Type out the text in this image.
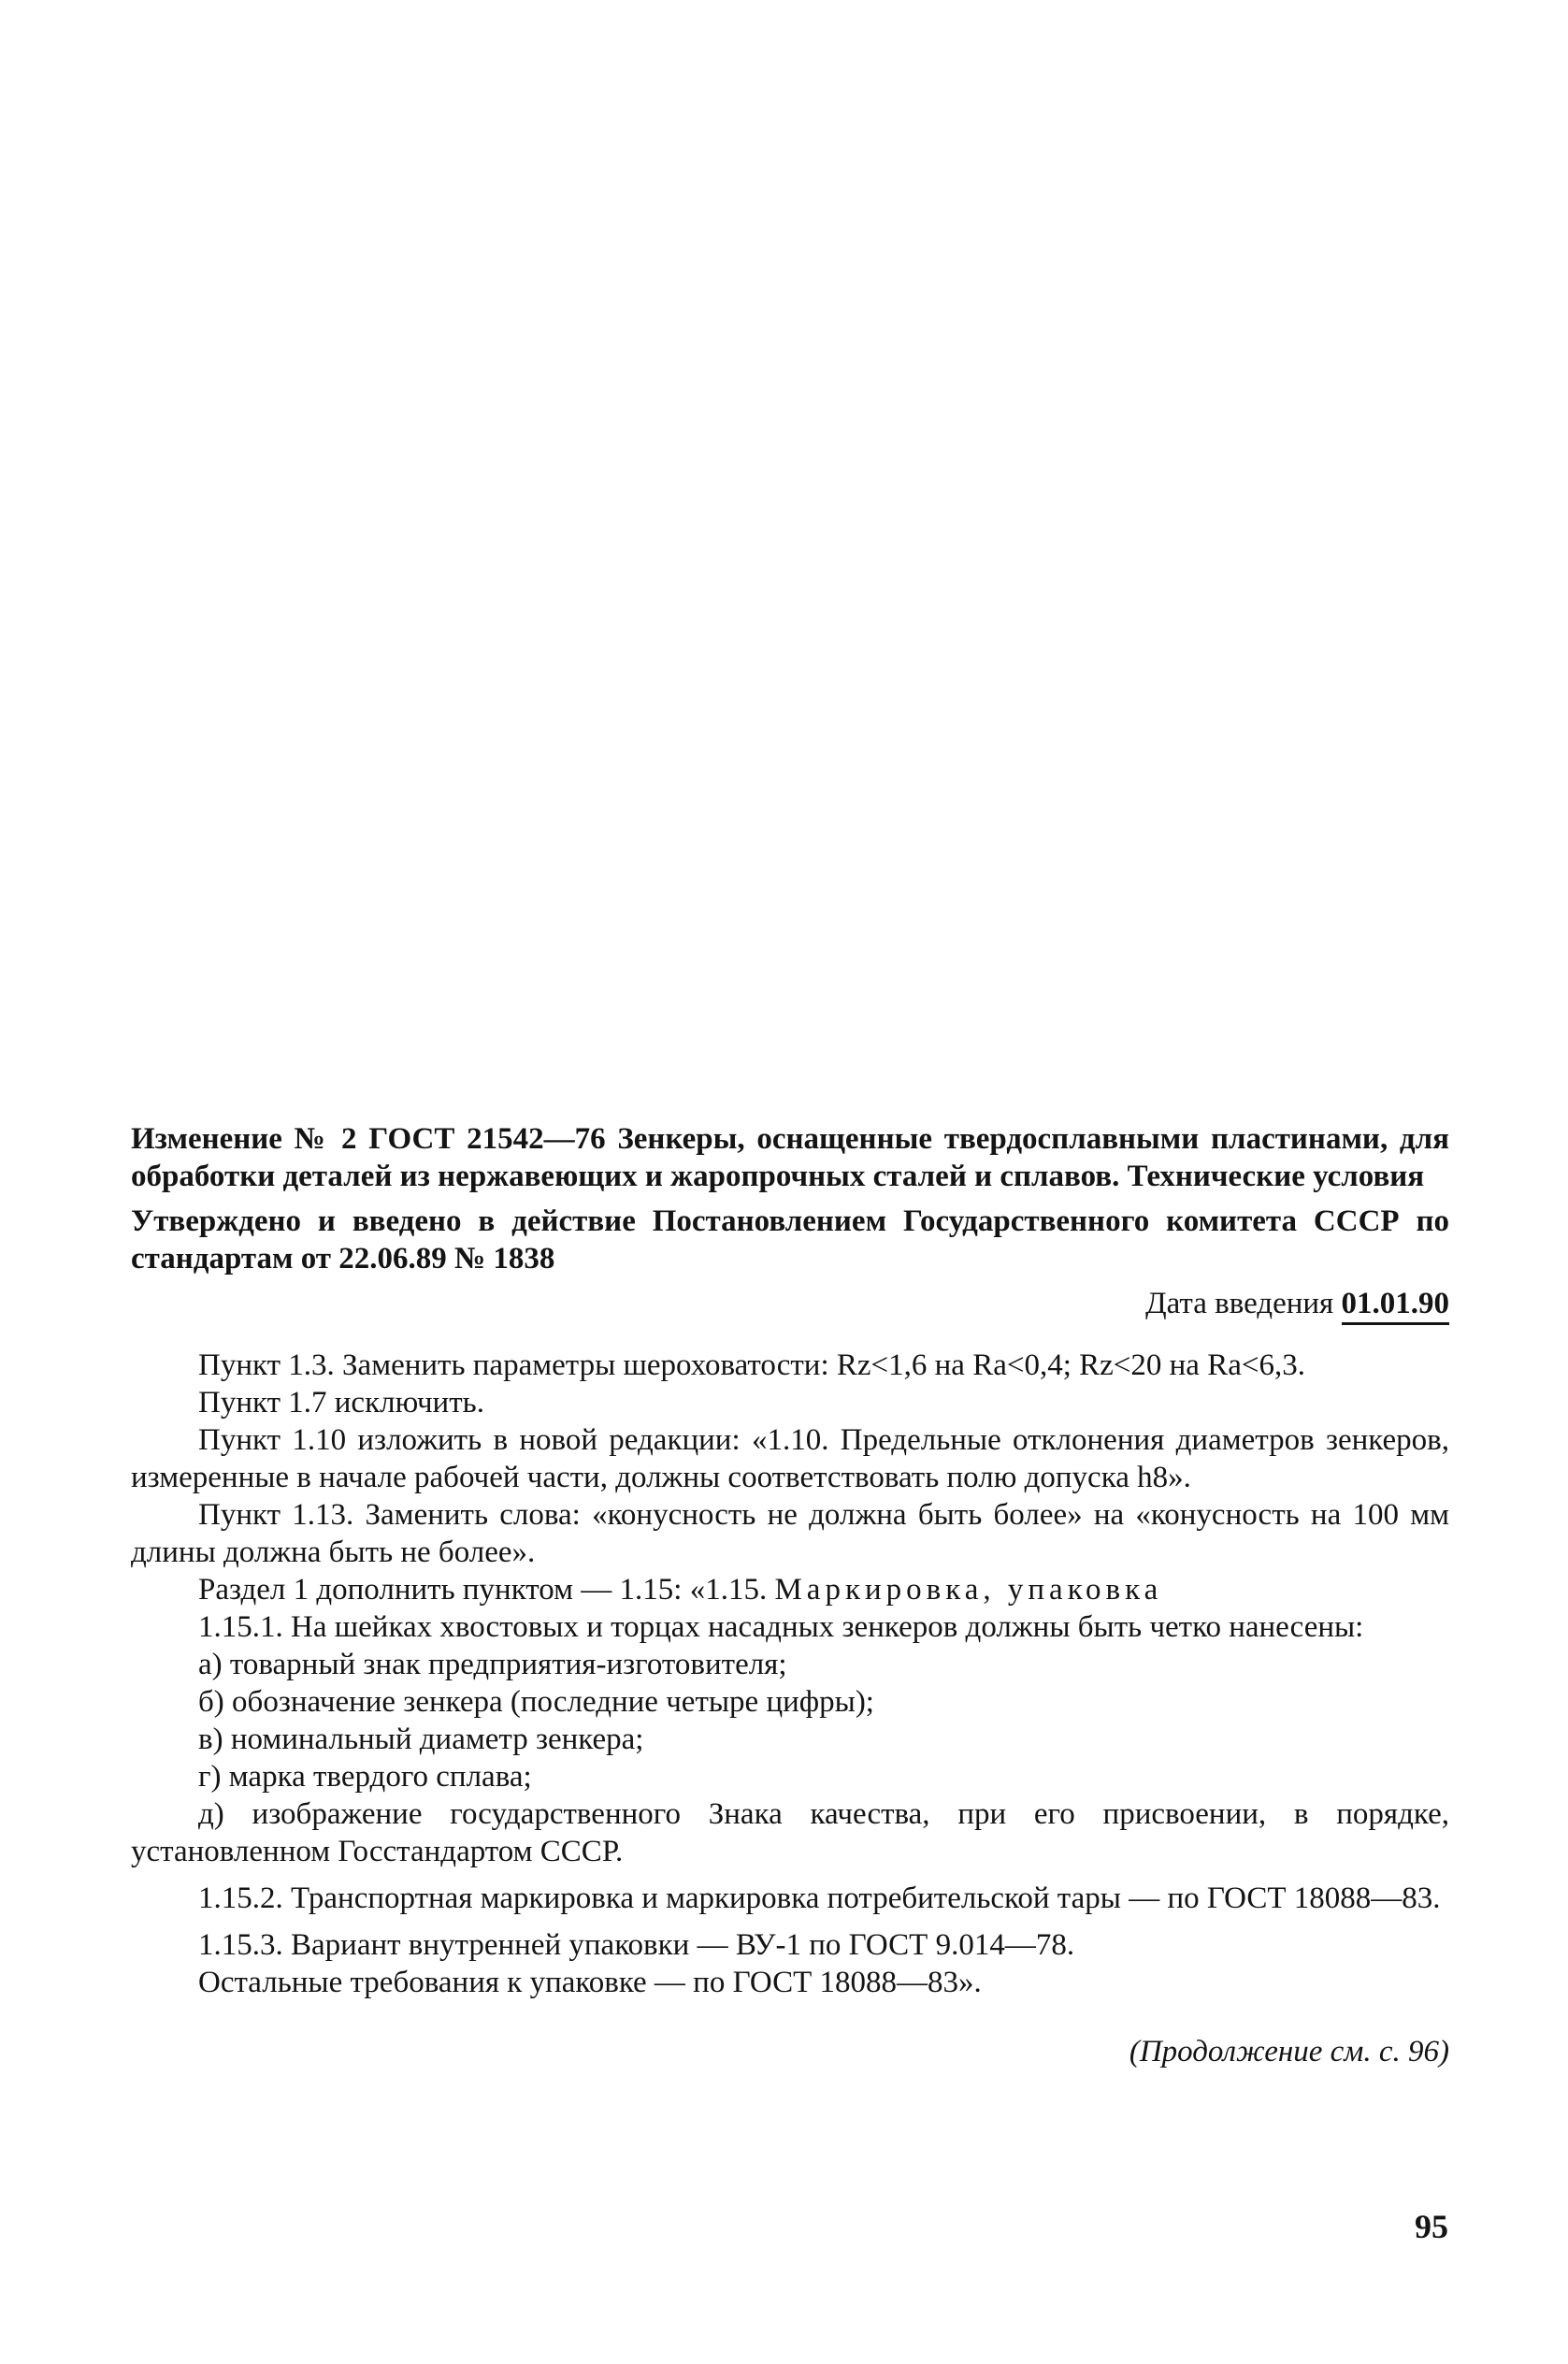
Изменение № 2 ГОСТ 21542—76 Зенкеры, оснащенные твердосплавными пластинами, для обработки деталей из нержавеющих и жаропрочных сталей и сплавов. Технические условия

Утверждено и введено в действие Постановлением Государственного комитета СССР по стандартам от 22.06.89 № 1838

Дата введения 01.01.90

Пункт 1.3. Заменить параметры шероховатости: Rz<1,6 на Ra<0,4; Rz<20 на Ra<6,3.

Пункт 1.7 исключить.

Пункт 1.10 изложить в новой редакции: «1.10. Предельные отклонения диаметров зенкеров, измеренные в начале рабочей части, должны соответствовать полю допуска h8».

Пункт 1.13. Заменить слова: «конусность не должна быть более» на «конусность на 100 мм длины должна быть не более».

Раздел 1 дополнить пунктом — 1.15: «1.15. Маркировка, упаковка

1.15.1. На шейках хвостовых и торцах насадных зенкеров должны быть четко нанесены:

а) товарный знак предприятия-изготовителя;

б) обозначение зенкера (последние четыре цифры);

в) номинальный диаметр зенкера;

г) марка твердого сплава;

д) изображение государственного Знака качества, при его присвоении, в порядке, установленном Госстандартом СССР.

1.15.2. Транспортная маркировка и маркировка потребительской тары — по ГОСТ 18088—83.

1.15.3. Вариант внутренней упаковки — ВУ-1 по ГОСТ 9.014—78.

Остальные требования к упаковке — по ГОСТ 18088—83».

(Продолжение см. с. 96)

95
